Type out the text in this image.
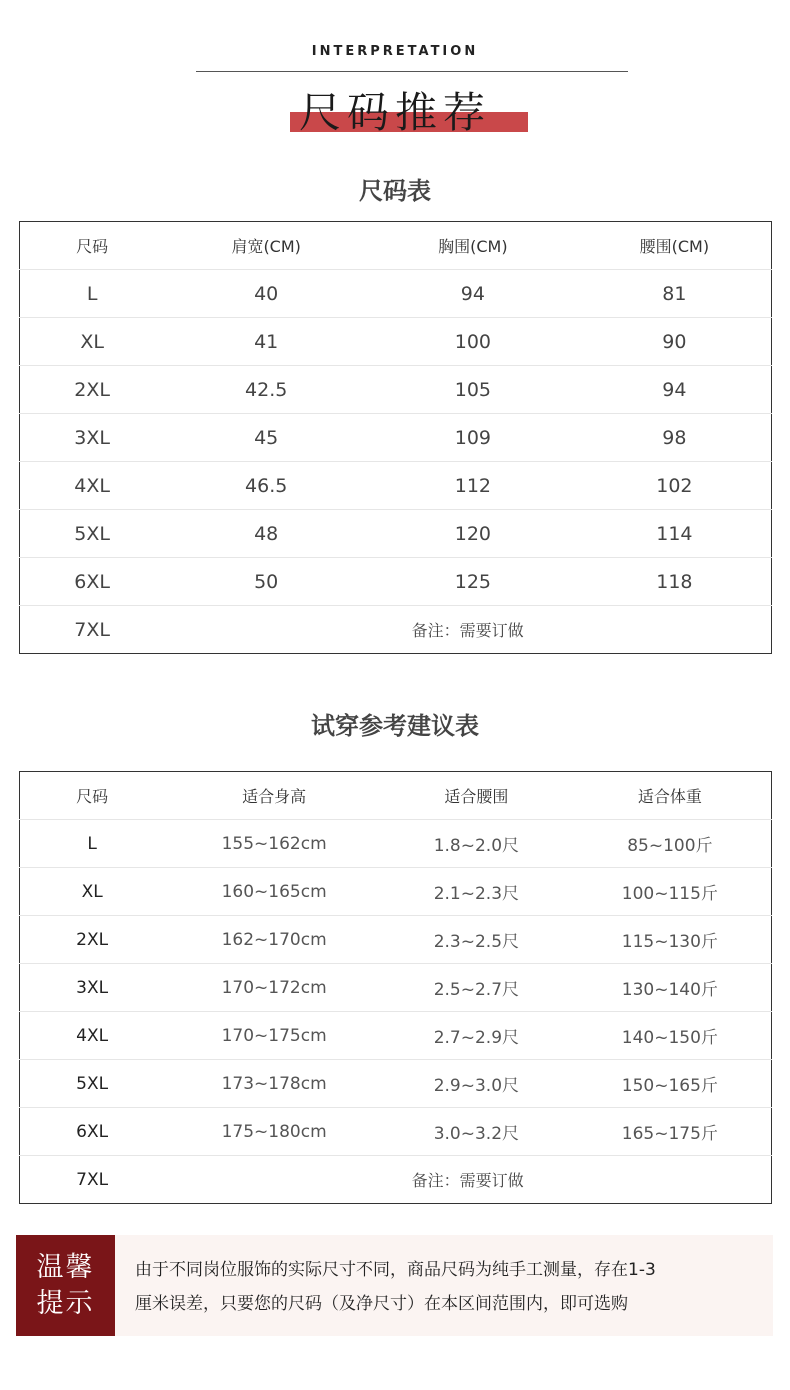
INTERPRETATION
尺码推荐
尺码表
尺码	肩宽(CM)	胸围(CM)	腰围(CM)
L	40	94	81
XL	41	100	90
2XL	42.5	105	94
3XL	45	109	98
4XL	46.5	112	102
5XL	48	120	114
6XL	50	125	118
7XL	备注：需要订做		
试穿参考建议表
尺码	适合身高	适合腰围	适合体重
L	155~162cm	1.8~2.0尺	85~100斤
XL	160~165cm	2.1~2.3尺	100~115斤
2XL	162~170cm	2.3~2.5尺	115~130斤
3XL	170~172cm	2.5~2.7尺	130~140斤
4XL	170~175cm	2.7~2.9尺	140~150斤
5XL	173~178cm	2.9~3.0尺	150~165斤
6XL	175~180cm	3.0~3.2尺	165~175斤
7XL	备注：需要订做		
温馨
提示
由于不同岗位服饰的实际尺寸不同，商品尺码为纯手工测量，存在1-3
厘米误差，只要您的尺码（及净尺寸）在本区间范围内，即可选购
